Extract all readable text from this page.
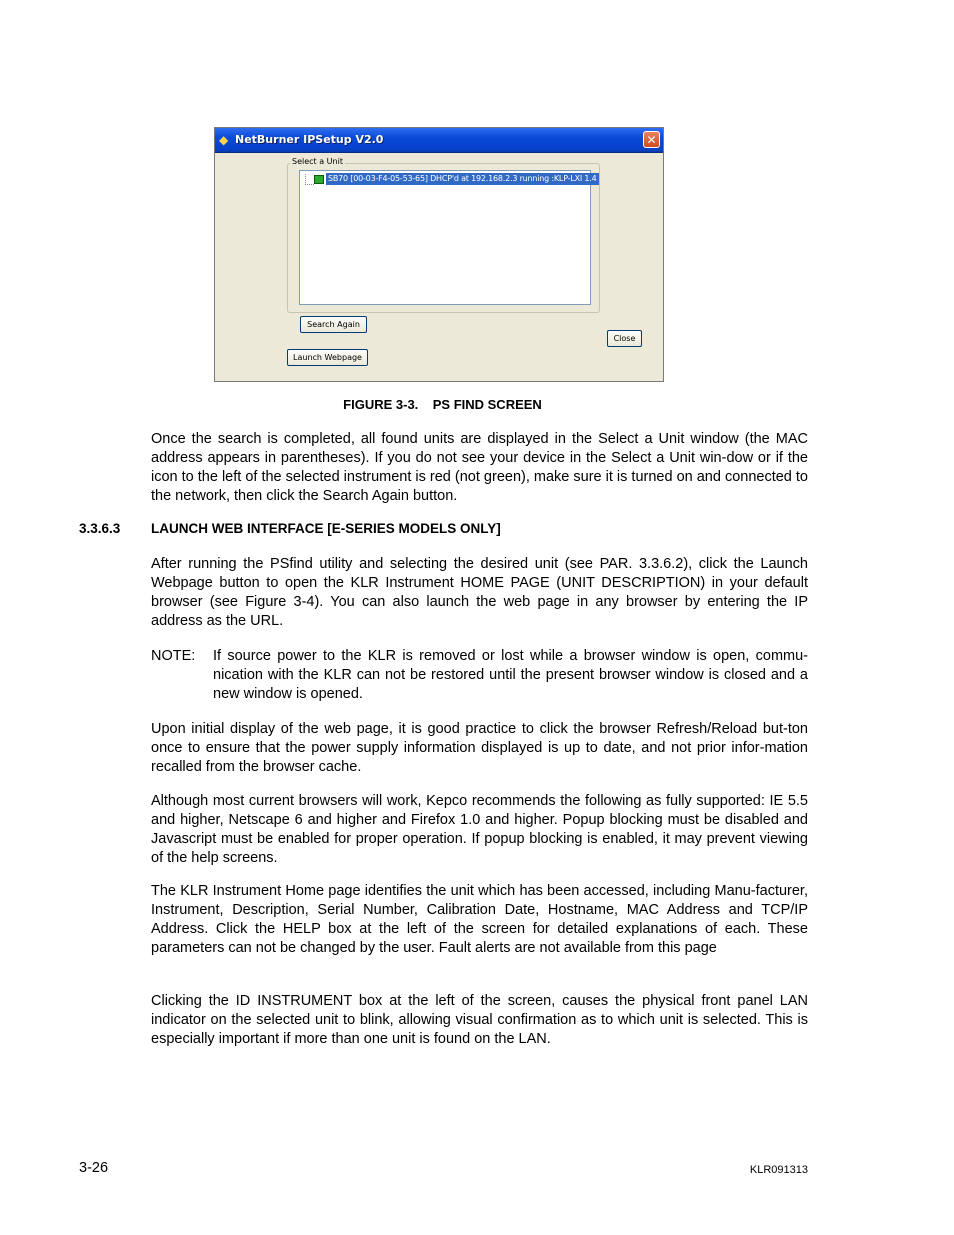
◆ NetBurner IPSetup V2.0	✕
Select a Unit
SB70 [00-03-F4-05-53-65] DHCP'd at 192.168.2.3 running :KLP-LXI 1.4
Search Again
Close
Launch Webpage
FIGURE 3-3.    PS FIND SCREEN

Once the search is completed, all found units are displayed in the Select a Unit window (the MAC address appears in parentheses). If you do not see your device in the Select a Unit win-dow or if the icon to the left of the selected instrument is red (not green), make sure it is turned on and connected to the network, then click the Search Again button.

3.3.6.3 LAUNCH WEB INTERFACE [E-SERIES MODELS ONLY]

After running the PSfind utility and selecting the desired unit (see PAR. 3.3.6.2), click the Launch Webpage button to open the KLR Instrument HOME PAGE (UNIT DESCRIPTION) in your default browser (see Figure 3-4). You can also launch the web page in any browser by entering the IP address as the URL.

NOTE: If source power to the KLR is removed or lost while a browser window is open, commu-nication with the KLR can not be restored until the present browser window is closed and a new window is opened.

Upon initial display of the web page, it is good practice to click the browser Refresh/Reload but-ton once to ensure that the power supply information displayed is up to date, and not prior infor-mation recalled from the browser cache.

Although most current browsers will work, Kepco recommends the following as fully supported: IE 5.5 and higher, Netscape 6 and higher and Firefox 1.0 and higher. Popup blocking must be disabled and Javascript must be enabled for proper operation. If popup blocking is enabled, it may prevent viewing of the help screens.

The KLR Instrument Home page identifies the unit which has been accessed, including Manu-facturer, Instrument, Description, Serial Number, Calibration Date, Hostname, MAC Address and TCP/IP Address. Click the HELP box at the left of the screen for detailed explanations of each. These parameters can not be changed by the user. Fault alerts are not available from this page

Clicking the ID INSTRUMENT box at the left of the screen, causes the physical front panel LAN indicator on the selected unit to blink, allowing visual confirmation as to which unit is selected. This is especially important if more than one unit is found on the LAN.

3-26	KLR091313
